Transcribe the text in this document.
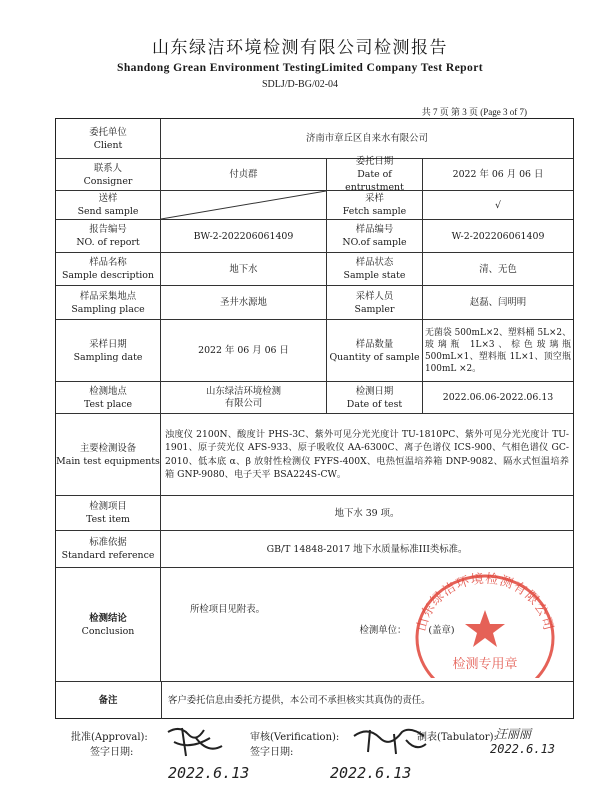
山东绿洁环境检测有限公司检测报告
Shandong Grean Environment TestingLimited Company Test Report
SDLJ/D-BG/02-04
共 7 页 第 3 页 (Page 3 of 7)
委托单位
Client
济南市章丘区自来水有限公司
联系人
Consigner
付贞群
委托日期
Date of entrustment
2022 年 06 月 06 日
送样
Send sample
采样
Fetch sample
√
报告编号
NO. of report
BW-2-202206061409
样品编号
NO.of sample
W-2-202206061409
样品名称
Sample description
地下水
样品状态
Sample state
清、无色
样品采集地点
Sampling place
圣井水源地
采样人员
Sampler
赵磊、闫明明
采样日期
Sampling date
2022 年 06 月 06 日
样品数量
Quantity of sample
无菌袋 500mL×2、塑料桶 5L×2、玻璃瓶 1L×3、棕色玻璃瓶 500mL×1、塑料瓶 1L×1、顶空瓶 100mL ×2。
检测地点
Test place
山东绿洁环境检测有限公司
检测日期
Date of test
2022.06.06-2022.06.13
主要检测设备
Main test equipments
浊度仪 2100N、酸度计 PHS-3C、紫外可见分光光度计 TU-1810PC、紫外可见分光光度计 TU-1901、原子荧光仪 AFS-933、原子吸收仪 AA-6300C、离子色谱仪 ICS-900、气相色谱仪 GC-2010、低本底 α、β 放射性检测仪 FYFS-400X、电热恒温培养箱 DNP-9082、隔水式恒温培养箱 GNP-9080、电子天平 BSA224S-CW。
检测项目
Test item
地下水 39 项。
标准依据
Standard reference
GB/T 14848-2017 地下水质量标准III类标准。
检测结论
Conclusion
所检项目见附表。
检测单位： (盖章)
备注	客户委托信息由委托方提供，本公司不承担核实其真伪的责任。
山东绿洁环境检测有限公司
检测专用章
批准(Approval):
签字日期:
审核(Verification):
签字日期:
制表(Tabulator):
汪丽丽
2022.6.13	2022.6.13
2022.6.13
